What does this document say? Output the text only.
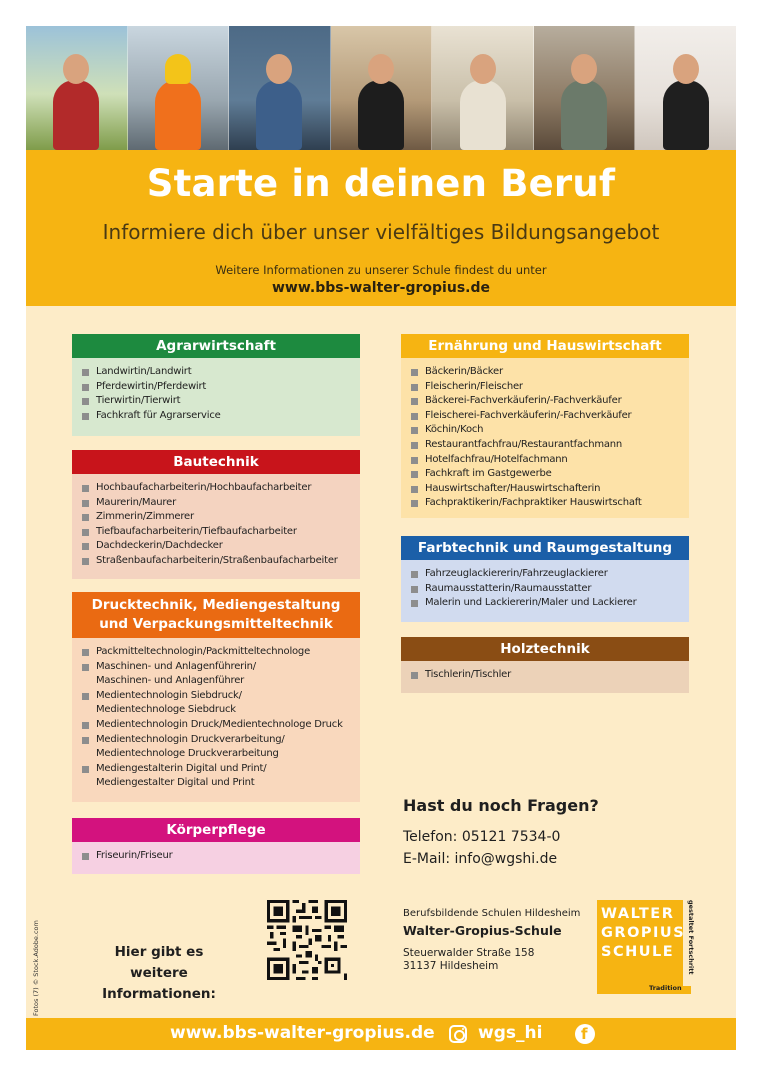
Starte in deinen Beruf
Informiere dich über unser vielfältiges Bildungsangebot
Weitere Informationen zu unserer Schule findest du unter
www.bbs-walter-gropius.de
Agrarwirtschaft
Landwirtin/Landwirt
Pferdewirtin/Pferdewirt
Tierwirtin/Tierwirt
Fachkraft für Agrarservice
Bautechnik
Hochbaufacharbeiterin/Hochbaufacharbeiter
Maurerin/Maurer
Zimmerin/Zimmerer
Tiefbaufacharbeiterin/Tiefbaufacharbeiter
Dachdeckerin/Dachdecker
Straßenbaufacharbeiterin/Straßenbaufacharbeiter
Drucktechnik, Mediengestaltung
und Verpackungsmitteltechnik
Packmitteltechnologin/Packmitteltechnologe
Maschinen- und Anlagenführerin/
Maschinen- und Anlagenführer
Medientechnologin Siebdruck/
Medientechnologe Siebdruck
Medientechnologin Druck/Medientechnologe Druck
Medientechnologin Druckverarbeitung/
Medientechnologe Druckverarbeitung
Mediengestalterin Digital und Print/
Mediengestalter Digital und Print
Körperpflege
Friseurin/Friseur
Ernährung und Hauswirtschaft
Bäckerin/Bäcker
Fleischerin/Fleischer
Bäckerei-Fachverkäuferin/-Fachverkäufer
Fleischerei-Fachverkäuferin/-Fachverkäufer
Köchin/Koch
Restaurantfachfrau/Restaurantfachmann
Hotelfachfrau/Hotelfachmann
Fachkraft im Gastgewerbe
Hauswirtschafter/Hauswirtschafterin
Fachpraktikerin/Fachpraktiker Hauswirtschaft
Farbtechnik und Raumgestaltung
Fahrzeuglackiererin/Fahrzeuglackierer
Raumausstatterin/Raumausstatter
Malerin und Lackiererin/Maler und Lackierer
Holztechnik
Tischlerin/Tischler
Hast du noch Fragen?
Telefon: 05121 7534-0
E-Mail: info@wgshi.de
Hier gibt es
weitere Informationen:
Fotos (7) © Stock.Adobe.com
Berufsbildende Schulen Hildesheim
Walter-Gropius-Schule
Steuerwalder Straße 158
31137 Hildesheim
WALTER
GROPIUS
SCHULE gestaltet Fortschritt
Tradition
www.bbs-walter-gropius.de	wgs_hi	f
